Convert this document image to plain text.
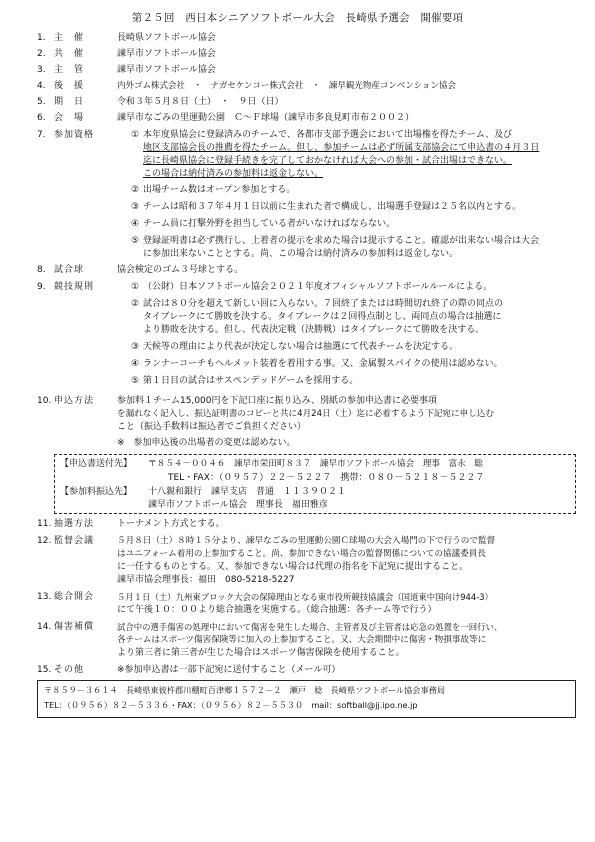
第２５回　西日本シニアソフトボール大会　長崎県予選会　開催要項
1. 主　催	長崎県ソフトボール協会
2. 共　催	諫早市ソフトボール協会
3. 主　管	諫早市ソフトボール協会
4. 後　援	内外ゴム株式会社　・　ナガセケンコー株式会社　・　諫早観光物産コンベンション協会
5. 期　日	令和３年５月８日（土）　・　９日（日）
6. 会　場	諫早市なごみの里運動公園　Ｃ～Ｆ球場（諫早市多良見町市布２００２）
7. 参加資格	① 本年度県協会に登録済みのチームで、各都市支部予選会において出場権を得たチーム、及び
地区支部協会長の推薦を得たチーム。但し、参加チームは必ず所属支部協会にて申込書の４月３日
迄に長崎県協会に登録手続きを完了しておかなければ大会への参加・試合出場はできない。
この場合は納付済みの参加料は返金しない。
② 出場チーム数はオープン参加とする。
③ チームは昭和３７年４月１日以前に生まれた者で構成し、出場選手登録は２５名以内とする。
④ チーム員に打撃外野を担当している者がいなければならない。
⑤ 登録証明書は必ず携行し、上着者の提示を求めた場合は提示すること。確認が出来ない場合は大会
に参加出来ないこととする。尚、この場合は納付済みの参加料は返金しない。
8. 試合球	協会検定のゴム３号球とする。
9. 競技規則	① （公財）日本ソフトボール協会２０２１年度オフィシャルソフトボールルールによる。
② 試合は８０分を超えて新しい回に入らない。７回終了またはは時間切れ終了の際の同点の
タイブレークにて勝敗を決する。タイブレークは２回得点制とし、両同点の場合は抽選に
より勝敗を決する。但し、代表決定戦（決勝戦）はタイブレークにて勝敗を決する。
③ 天候等の理由により代表が決定しない場合は抽選にて代表チームを決定する。
④ ランナーコーチもヘルメット装着を着用する事。又、金属製スパイクの使用は認めない。
⑤ 第１日目の試合はサスペンデッドゲームを採用する。
10. 申込方法	参加料１チーム15,000円を下記口座に振り込み、別紙の参加申込書に必要事項
を漏れなく記入し、振込証明書のコピーと共に4月24日（土）迄に必着するよう下記宛に申し込む
こと（振込手数料は振込者でご負担ください）
※　参加申込後の出場者の変更は認めない。
【申込書送付先】 〒８５４－００４６　諫早市栄田町８３７　諫早市ソフトボール協会　理事　富永　聡
TEL・FAX：（０９５７）２２－５２２７　携帯：０８０－５２１８－５２２７
【参加料振込先】 十八親和銀行　諫早支店　普通　１１３９０２１
諫早市ソフトボール協会　理事長　福田雅彦
11. 抽選方法	トーナメント方式とする。
12. 監督会議	５月８日（土）８時１５分より、諫早なごみの里運動公園Ｃ球場の大会入場門の下で行うので監督
はユニフォーム着用の上参加すること。尚、参加できない場合の監督関係についての協議委員長
に一任するものとする。又、参加できない場合は代理の指名を下記宛に提出すること。
諫早市協会理事長：福田　080-5218-5227
13. 総合開会	５月１日（土）九州東ブロック大会の保障理由となる東市役所競技協議会（国道東中国向け944-3）
にて午後１０：００より総合抽選を実施する。（総合抽選：各チーム等で行う）
14. 傷害補償	試合中の選手傷害の処理中において傷害を発生した場合、主管者及び主管者は応急の処置を一回行い、
各チームはスポーツ傷害保険等に加入の上参加すること。又、大会期間中に傷害・物損事故等に
より第三者に第三者が生じた場合はスポーツ傷害保険を使用すること。
15. その他	※参加申込書は一部下記宛に送付すること（メール可）
〒８５９－３６１４　長崎県東彼杵郡川棚町百津郷１５７２－２　瀬戸　稔　長崎県ソフトボール協会事務局
TEL：（０９５６）８２－５３３６・FAX：（０９５６）８２－５５３０　mail：softball@jj.ipo.ne.jp
